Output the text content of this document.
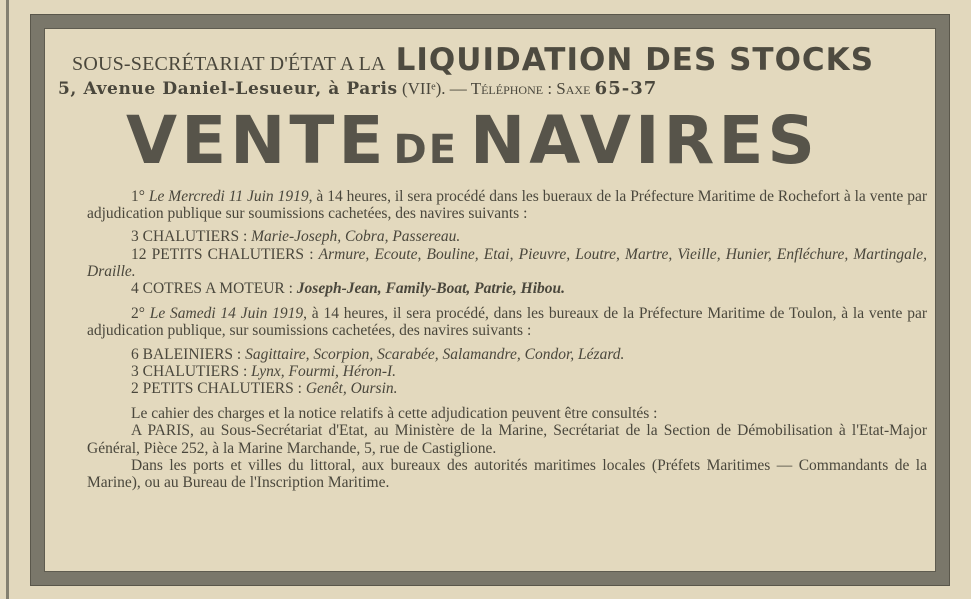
SOUS-SECRÉTARIAT D'ÉTAT A LA LIQUIDATION DES STOCKS
5, Avenue Daniel-Lesueur, à Paris (VIIᵉ). — Téléphone : Saxe 65-37
VENTE DE NAVIRES

1° Le Mercredi 11 Juin 1919, à 14 heures, il sera procédé dans les bueraux de la Préfecture Maritime de Rochefort à la vente par adjudication publique sur soumissions cachetées, des navires suivants :

3 CHALUTIERS : Marie-Joseph, Cobra, Passereau.

12 PETITS CHALUTIERS : Armure, Ecoute, Bouline, Etai, Pieuvre, Loutre, Martre, Vieille, Hunier, Enfléchure, Martingale, Draille.

4 COTRES A MOTEUR : Joseph-Jean, Family-Boat, Patrie, Hibou.

2° Le Samedi 14 Juin 1919, à 14 heures, il sera procédé, dans les bureaux de la Préfecture Maritime de Toulon, à la vente par adjudication publique, sur soumissions cachetées, des navires suivants :

6 BALEINIERS : Sagittaire, Scorpion, Scarabée, Salamandre, Condor, Lézard.

3 CHALUTIERS : Lynx, Fourmi, Héron-I.

2 PETITS CHALUTIERS : Genêt, Oursin.

Le cahier des charges et la notice relatifs à cette adjudication peuvent être consultés :

A PARIS, au Sous-Secrétariat d'Etat, au Ministère de la Marine, Secrétariat de la Section de Démobilisation à l'Etat-Major Général, Pièce 252, à la Marine Marchande, 5, rue de Castiglione.

Dans les ports et villes du littoral, aux bureaux des autorités maritimes locales (Préfets Maritimes — Commandants de la Marine), ou au Bureau de l'Inscription Maritime.
